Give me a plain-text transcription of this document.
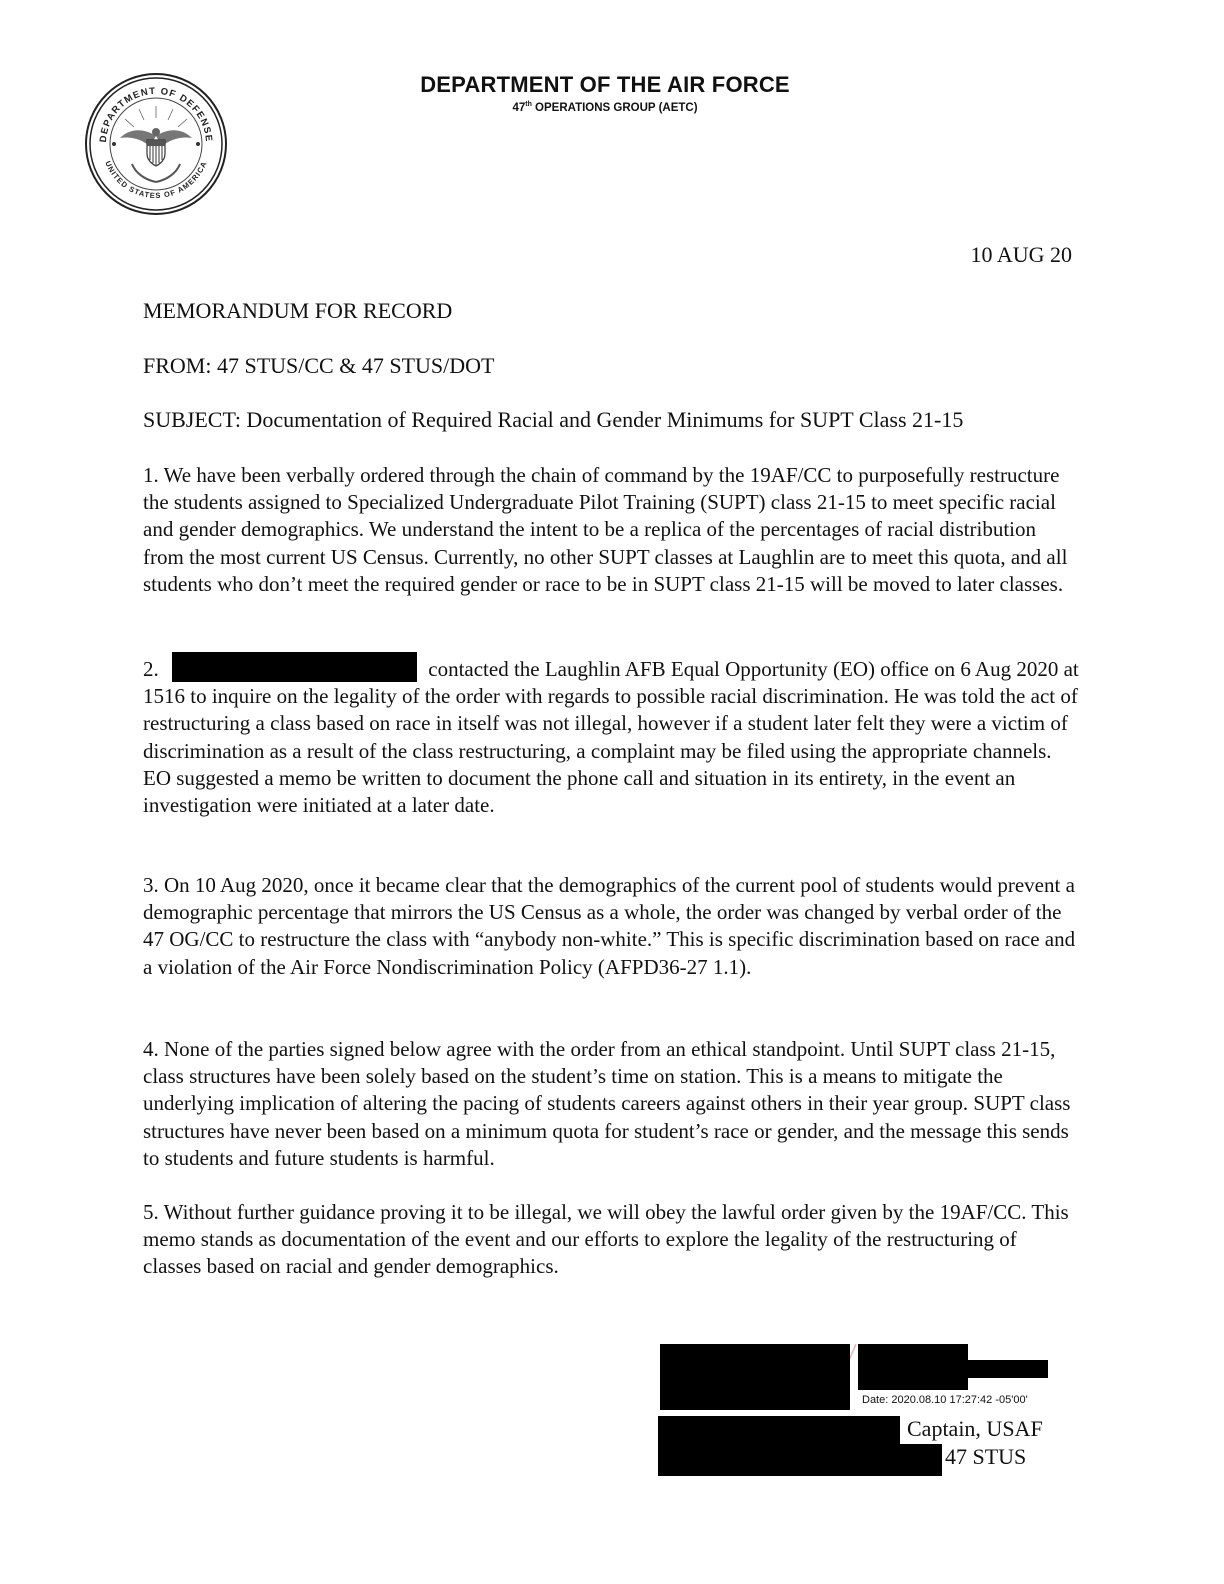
DEPARTMENT OF DEFENSE
UNITED STATES OF AMERICA
DEPARTMENT OF THE AIR FORCE
47th OPERATIONS GROUP (AETC)
10 AUG 20
MEMORANDUM FOR RECORD
FROM: 47 STUS/CC & 47 STUS/DOT
SUBJECT: Documentation of Required Racial and Gender Minimums for SUPT Class 21-15
1. We have been verbally ordered through the chain of command by the 19AF/CC to purposefully restructure the students assigned to Specialized Undergraduate Pilot Training (SUPT) class 21-15 to meet specific racial and gender demographics. We understand the intent to be a replica of the percentages of racial distribution from the most current US Census. Currently, no other SUPT classes at Laughlin are to meet this quota, and all students who don’t meet the required gender or race to be in SUPT class 21-15 will be moved to later classes.
2.	contacted the Laughlin AFB Equal Opportunity (EO) office on 6 Aug 2020 at 1516 to inquire on the legality of the order with regards to possible racial discrimination. He was told the act of restructuring a class based on race in itself was not illegal, however if a student later felt they were a victim of discrimination as a result of the class restructuring, a complaint may be filed using the appropriate channels. EO suggested a memo be written to document the phone call and situation in its entirety, in the event an investigation were initiated at a later date.
3. On 10 Aug 2020, once it became clear that the demographics of the current pool of students would prevent a demographic percentage that mirrors the US Census as a whole, the order was changed by verbal order of the 47 OG/CC to restructure the class with “anybody non-white.” This is specific discrimination based on race and a violation of the Air Force Nondiscrimination Policy (AFPD36-27 1.1).
4. None of the parties signed below agree with the order from an ethical standpoint. Until SUPT class 21-15, class structures have been solely based on the student’s time on station. This is a means to mitigate the underlying implication of altering the pacing of students careers against others in their year group. SUPT class structures have never been based on a minimum quota for student’s race or gender, and the message this sends to students and future students is harmful.
5. Without further guidance proving it to be illegal, we will obey the lawful order given by the 19AF/CC. This memo stands as documentation of the event and our efforts to explore the legality of the restructuring of classes based on racial and gender demographics.
Date: 2020.08.10 17:27:42 -05'00'
Captain, USAF
47 STUS
